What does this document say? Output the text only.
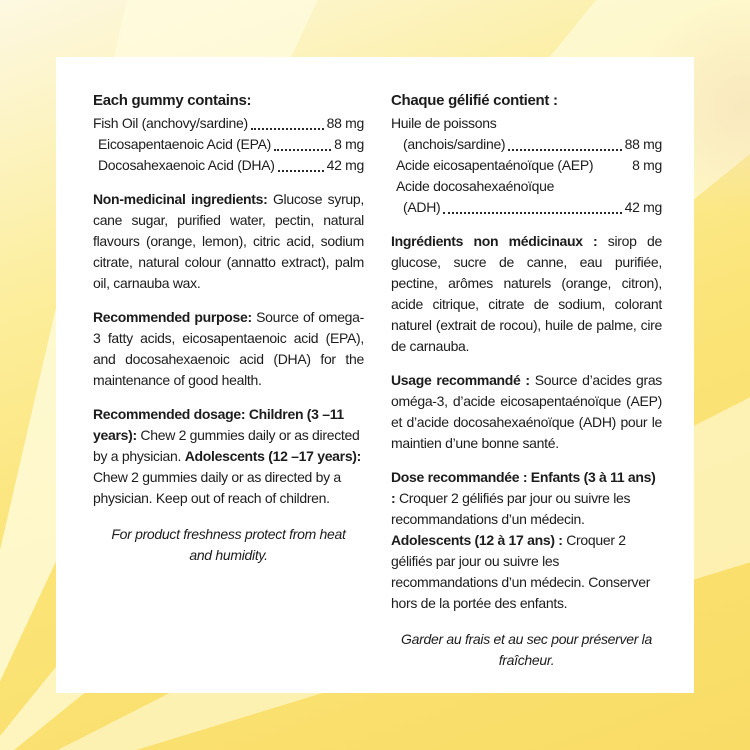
Each gummy contains:
Fish Oil (anchovy/sardine)	88 mg
Eicosapentaenoic Acid (EPA)	8 mg
Docosahexaenoic Acid (DHA)	42 mg

Non-medicinal ingredients: Glucose syrup, cane sugar, purified water, pectin, natural flavours (orange, lemon), citric acid, sodium citrate, natural colour (annatto extract), palm oil, carnauba wax.

Recommended purpose: Source of omega-3 fatty acids, eicosapentaenoic acid (EPA), and docosahexaenoic acid (DHA) for the maintenance of good health.

Recommended dosage: Children (3 –11 years): Chew 2 gummies daily or as directed by a physician. Adolescents (12 –17 years): Chew 2 gummies daily or as directed by a physician. Keep out of reach of children.

For product freshness protect from heat and humidity.

Chaque gélifié contient :
Huile de poissons
(anchois/sardine)	88 mg
Acide eicosapentaénoïque (AEP)	8 mg
Acide docosahexaénoïque
(ADH)	42 mg

Ingrédients non médicinaux : sirop de glucose, sucre de canne, eau purifiée, pectine, arômes naturels (orange, citron), acide citrique, citrate de sodium, colorant naturel (extrait de rocou), huile de palme, cire de carnauba.

Usage recommandé : Source d’acides gras oméga-3, d’acide eicosapentaénoïque (AEP) et d’acide docosahexaénoïque (ADH) pour le maintien d’une bonne santé.

Dose recommandée : Enfants (3 à 11 ans) : Croquer 2 gélifiés par jour ou suivre les recommandations d’un médecin. Adolescents (12 à 17 ans) : Croquer 2 gélifiés par jour ou suivre les recommandations d’un médecin. Conserver hors de la portée des enfants.

Garder au frais et au sec pour préserver la fraîcheur.
